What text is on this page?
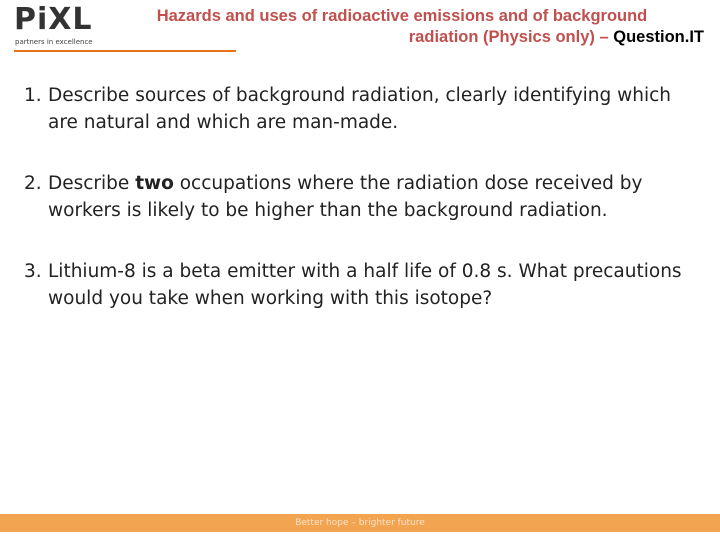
PiXL
partners in excellence
Hazards and uses of radioactive emissions and of background
radiation (Physics only) – Question.IT
1. Describe sources of background radiation, clearly identifying which are natural and which are man-made.
2. Describe two occupations where the radiation dose received by workers is likely to be higher than the background radiation.
3. Lithium-8 is a beta emitter with a half life of 0.8 s. What precautions would you take when working with this isotope?
Better hope – brighter future
